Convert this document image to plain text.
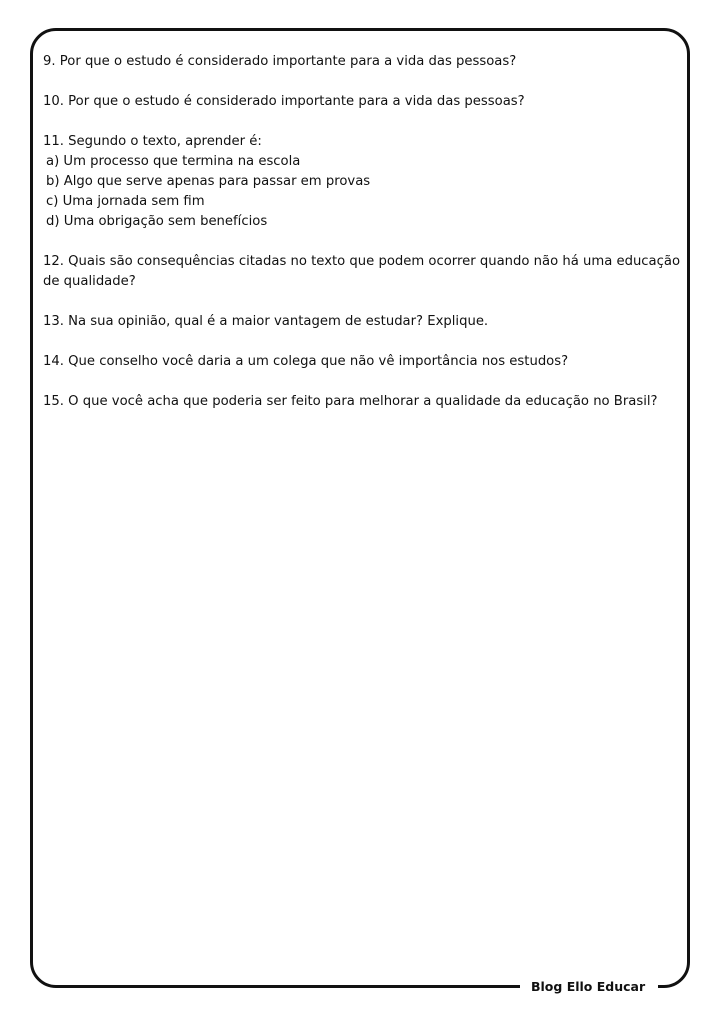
9. Por que o estudo é considerado importante para a vida das pessoas?

10. Por que o estudo é considerado importante para a vida das pessoas?

11. Segundo o texto, aprender é:
a) Um processo que termina na escola
b) Algo que serve apenas para passar em provas
c) Uma jornada sem fim
d) Uma obrigação sem benefícios

12. Quais são consequências citadas no texto que podem ocorrer quando não há uma educação de qualidade?

13. Na sua opinião, qual é a maior vantagem de estudar? Explique.

14. Que conselho você daria a um colega que não vê importância nos estudos?

15. O que você acha que poderia ser feito para melhorar a qualidade da educação no Brasil?

Blog Ello Educar
